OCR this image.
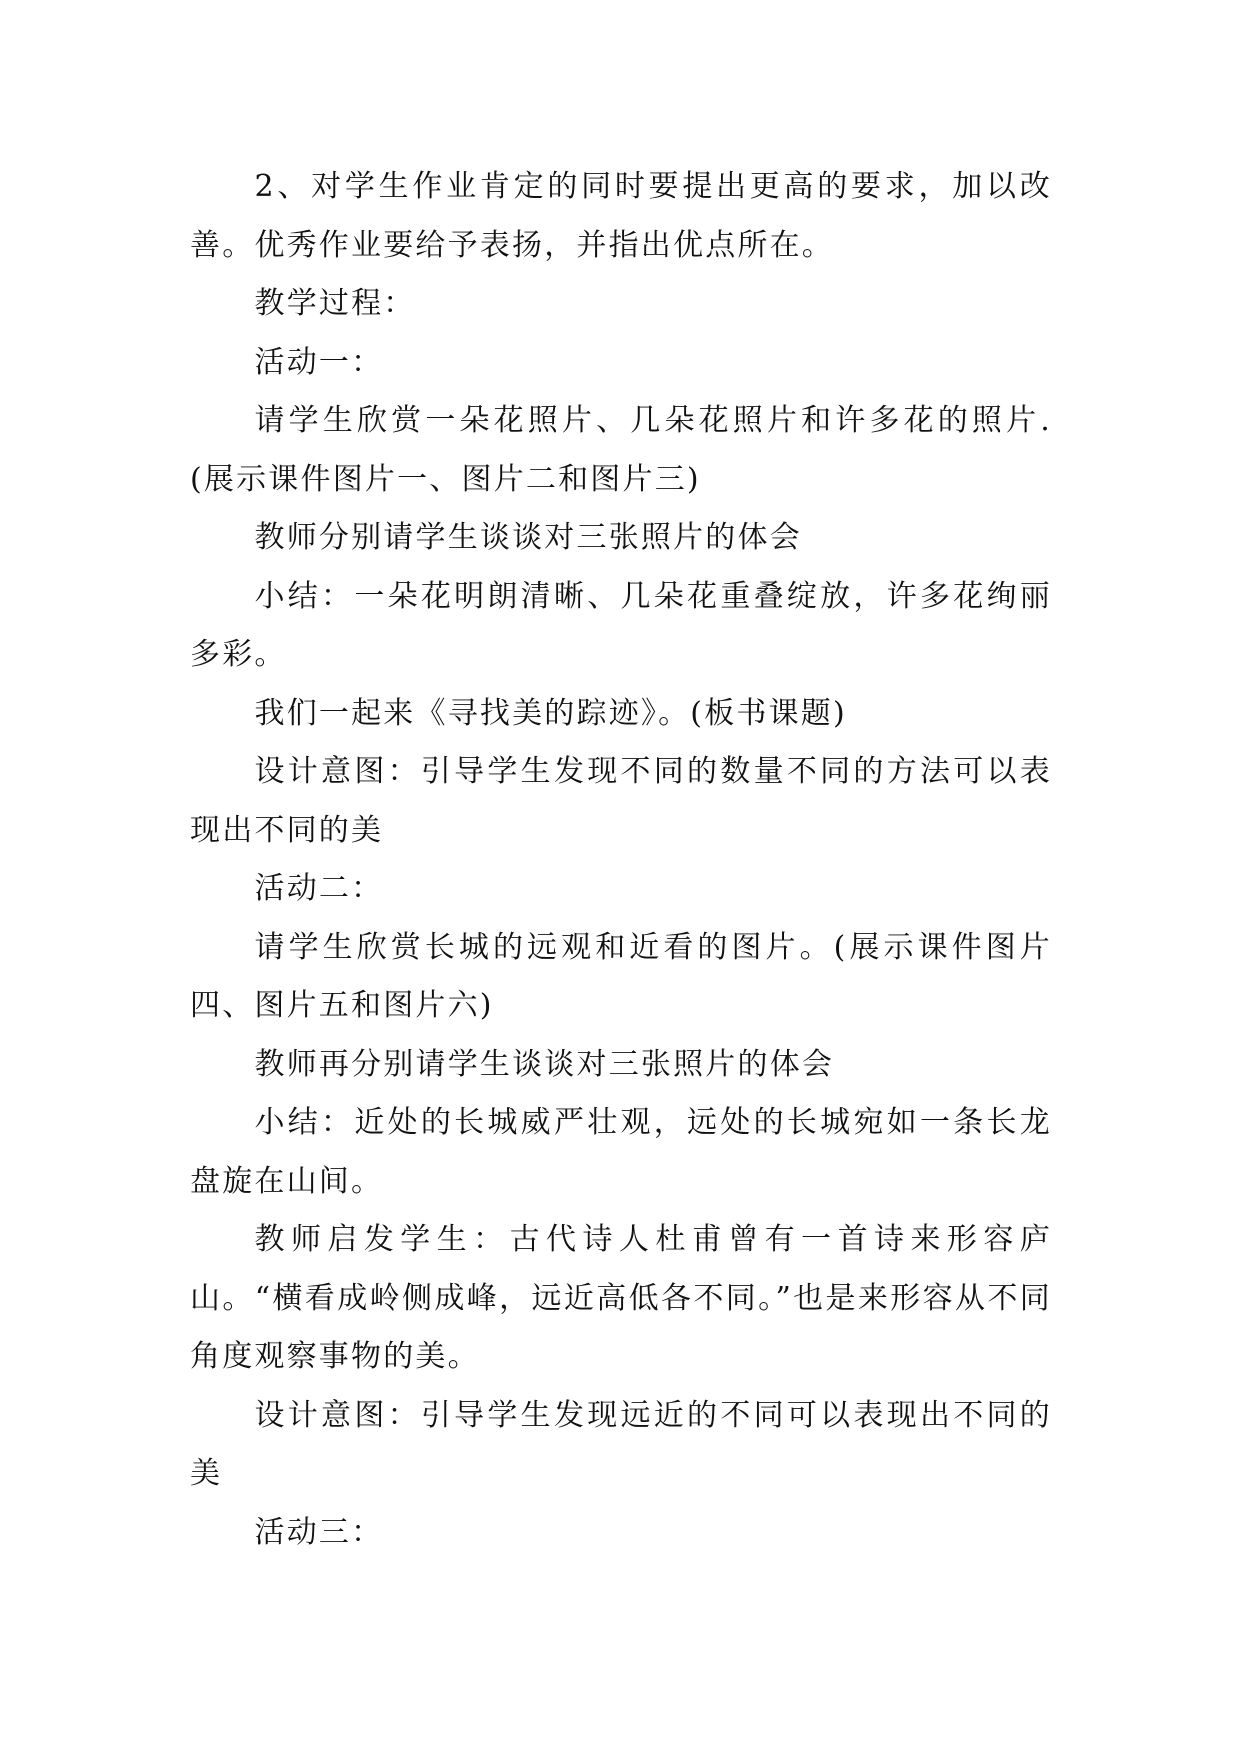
2、对学生作业肯定的同时要提出更高的要求，加以改善。优秀作业要给予表扬，并指出优点所在。

教学过程：

活动一：

请学生欣赏一朵花照片、几朵花照片和许多花的照片.(展示课件图片一、图片二和图片三)

教师分别请学生谈谈对三张照片的体会

小结：一朵花明朗清晰、几朵花重叠绽放，许多花绚丽多彩。

我们一起来《寻找美的踪迹》。(板书课题)

设计意图：引导学生发现不同的数量不同的方法可以表现出不同的美

活动二：

请学生欣赏长城的远观和近看的图片。(展示课件图片四、图片五和图片六)

教师再分别请学生谈谈对三张照片的体会

小结：近处的长城威严壮观，远处的长城宛如一条长龙盘旋在山间。

教师启发学生：古代诗人杜甫曾有一首诗来形容庐山。“横看成岭侧成峰，远近高低各不同。”也是来形容从不同角度观察事物的美。

设计意图：引导学生发现远近的不同可以表现出不同的美

活动三：
